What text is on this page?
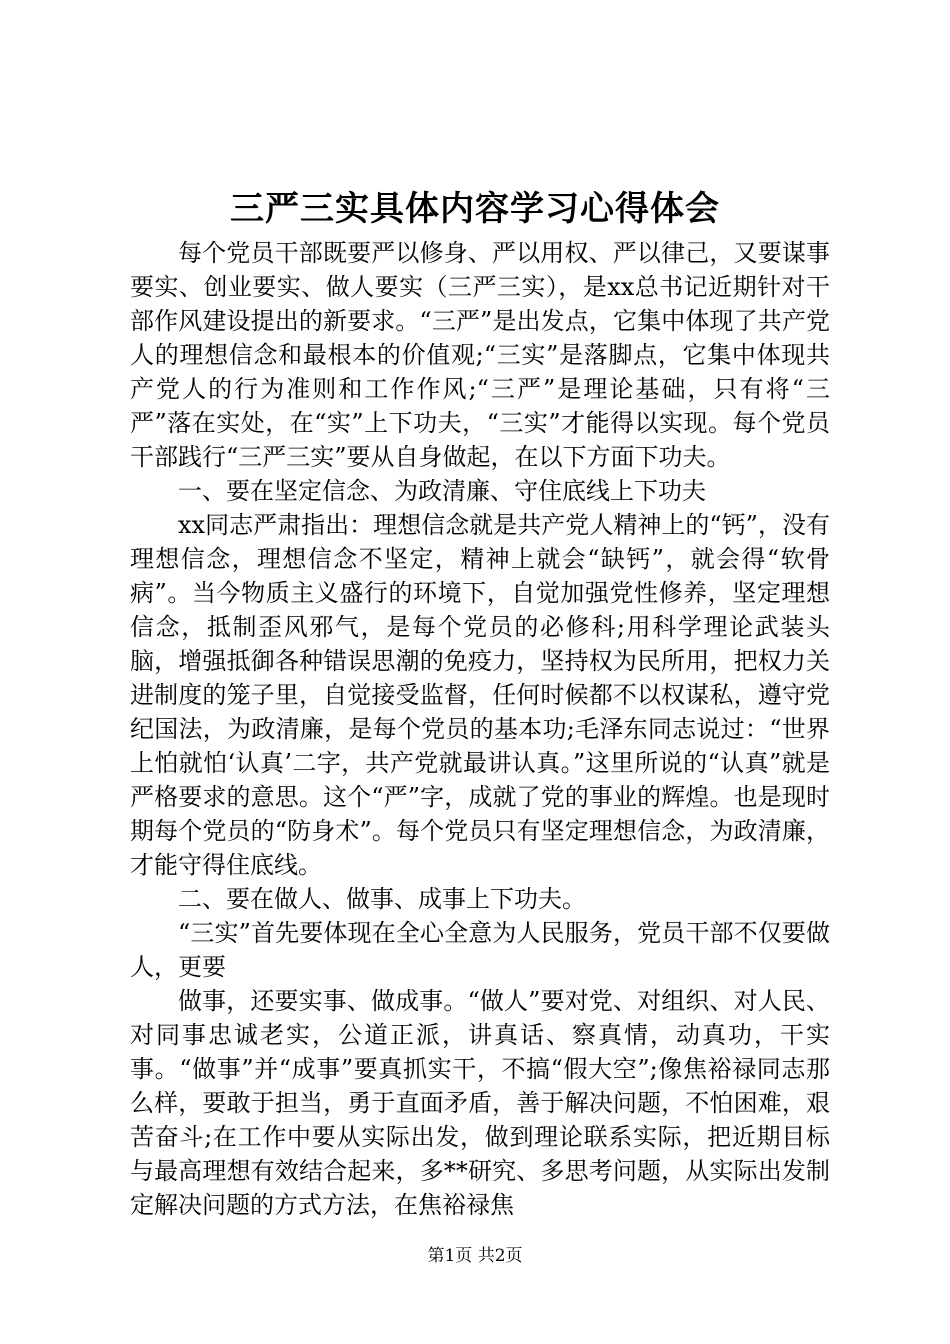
三严三实具体内容学习心得体会

每个党员干部既要严以修身、严以用权、严以律己，又要谋事要实、创业要实、做人要实（三严三实），是xx总书记近期针对干部作风建设提出的新要求。“三严”是出发点，它集中体现了共产党人的理想信念和最根本的价值观;“三实”是落脚点，它集中体现共产党人的行为准则和工作作风;“三严”是理论基础，只有将“三严”落在实处，在“实”上下功夫，“三实”才能得以实现。每个党员干部践行“三严三实”要从自身做起，在以下方面下功夫。

一、要在坚定信念、为政清廉、守住底线上下功夫

xx同志严肃指出：理想信念就是共产党人精神上的“钙”，没有理想信念，理想信念不坚定，精神上就会“缺钙”，就会得“软骨病”。当今物质主义盛行的环境下，自觉加强党性修养，坚定理想信念，抵制歪风邪气，是每个党员的必修科;用科学理论武装头脑，增强抵御各种错误思潮的免疫力，坚持权为民所用，把权力关进制度的笼子里，自觉接受监督，任何时候都不以权谋私，遵守党纪国法，为政清廉，是每个党员的基本功;毛泽东同志说过：“世界上怕就怕‘认真’二字，共产党就最讲认真。”这里所说的“认真”就是严格要求的意思。这个“严”字，成就了党的事业的辉煌。也是现时期每个党员的“防身术”。每个党员只有坚定理想信念，为政清廉，才能守得住底线。

二、要在做人、做事、成事上下功夫。

“三实”首先要体现在全心全意为人民服务，党员干部不仅要做人，更要

做事，还要实事、做成事。“做人”要对党、对组织、对人民、对同事忠诚老实，公道正派，讲真话、察真情，动真功，干实事。“做事”并“成事”要真抓实干，不搞“假大空”;像焦裕禄同志那么样，要敢于担当，勇于直面矛盾，善于解决问题，不怕困难，艰苦奋斗;在工作中要从实际出发，做到理论联系实际，把近期目标与最高理想有效结合起来，多**研究、多思考问题，从实际出发制定解决问题的方式方法，在焦裕禄焦

第1页 共2页
